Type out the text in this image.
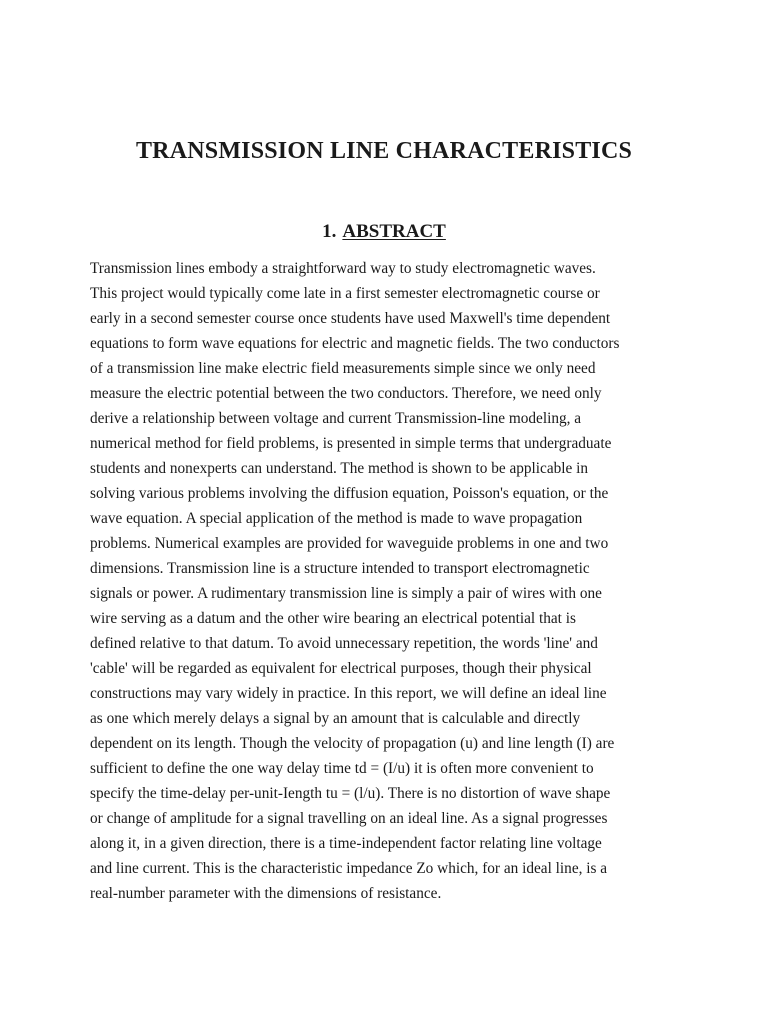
TRANSMISSION LINE CHARACTERISTICS
1. ABSTRACT

Transmission lines embody a straightforward way to study electromagnetic waves.
This project would typically come late in a first semester electromagnetic course or
early in a second semester course once students have used Maxwell's time dependent
equations to form wave equations for electric and magnetic fields. The two conductors
of a transmission line make electric field measurements simple since we only need
measure the electric potential between the two conductors. Therefore, we need only
derive a relationship between voltage and current Transmission-line modeling, a
numerical method for field problems, is presented in simple terms that undergraduate
students and nonexperts can understand. The method is shown to be applicable in
solving various problems involving the diffusion equation, Poisson's equation, or the
wave equation. A special application of the method is made to wave propagation
problems. Numerical examples are provided for waveguide problems in one and two
dimensions. Transmission line is a structure intended to transport electromagnetic
signals or power. A rudimentary transmission line is simply a pair of wires with one
wire serving as a datum and the other wire bearing an electrical potential that is
defined relative to that datum. To avoid unnecessary repetition, the words 'line' and
'cable' will be regarded as equivalent for electrical purposes, though their physical
constructions may vary widely in practice. In this report, we will define an ideal line
as one which merely delays a signal by an amount that is calculable and directly
dependent on its length. Though the velocity of propagation (u) and line length (I) are
sufficient to define the one way delay time td = (I/u) it is often more convenient to
specify the time-delay per-unit-Iength tu = (l/u). There is no distortion of wave shape
or change of amplitude for a signal travelling on an ideal line. As a signal progresses
along it, in a given direction, there is a time-independent factor relating line voltage
and line current. This is the characteristic impedance Zo which, for an ideal line, is a
real-number parameter with the dimensions of resistance.
